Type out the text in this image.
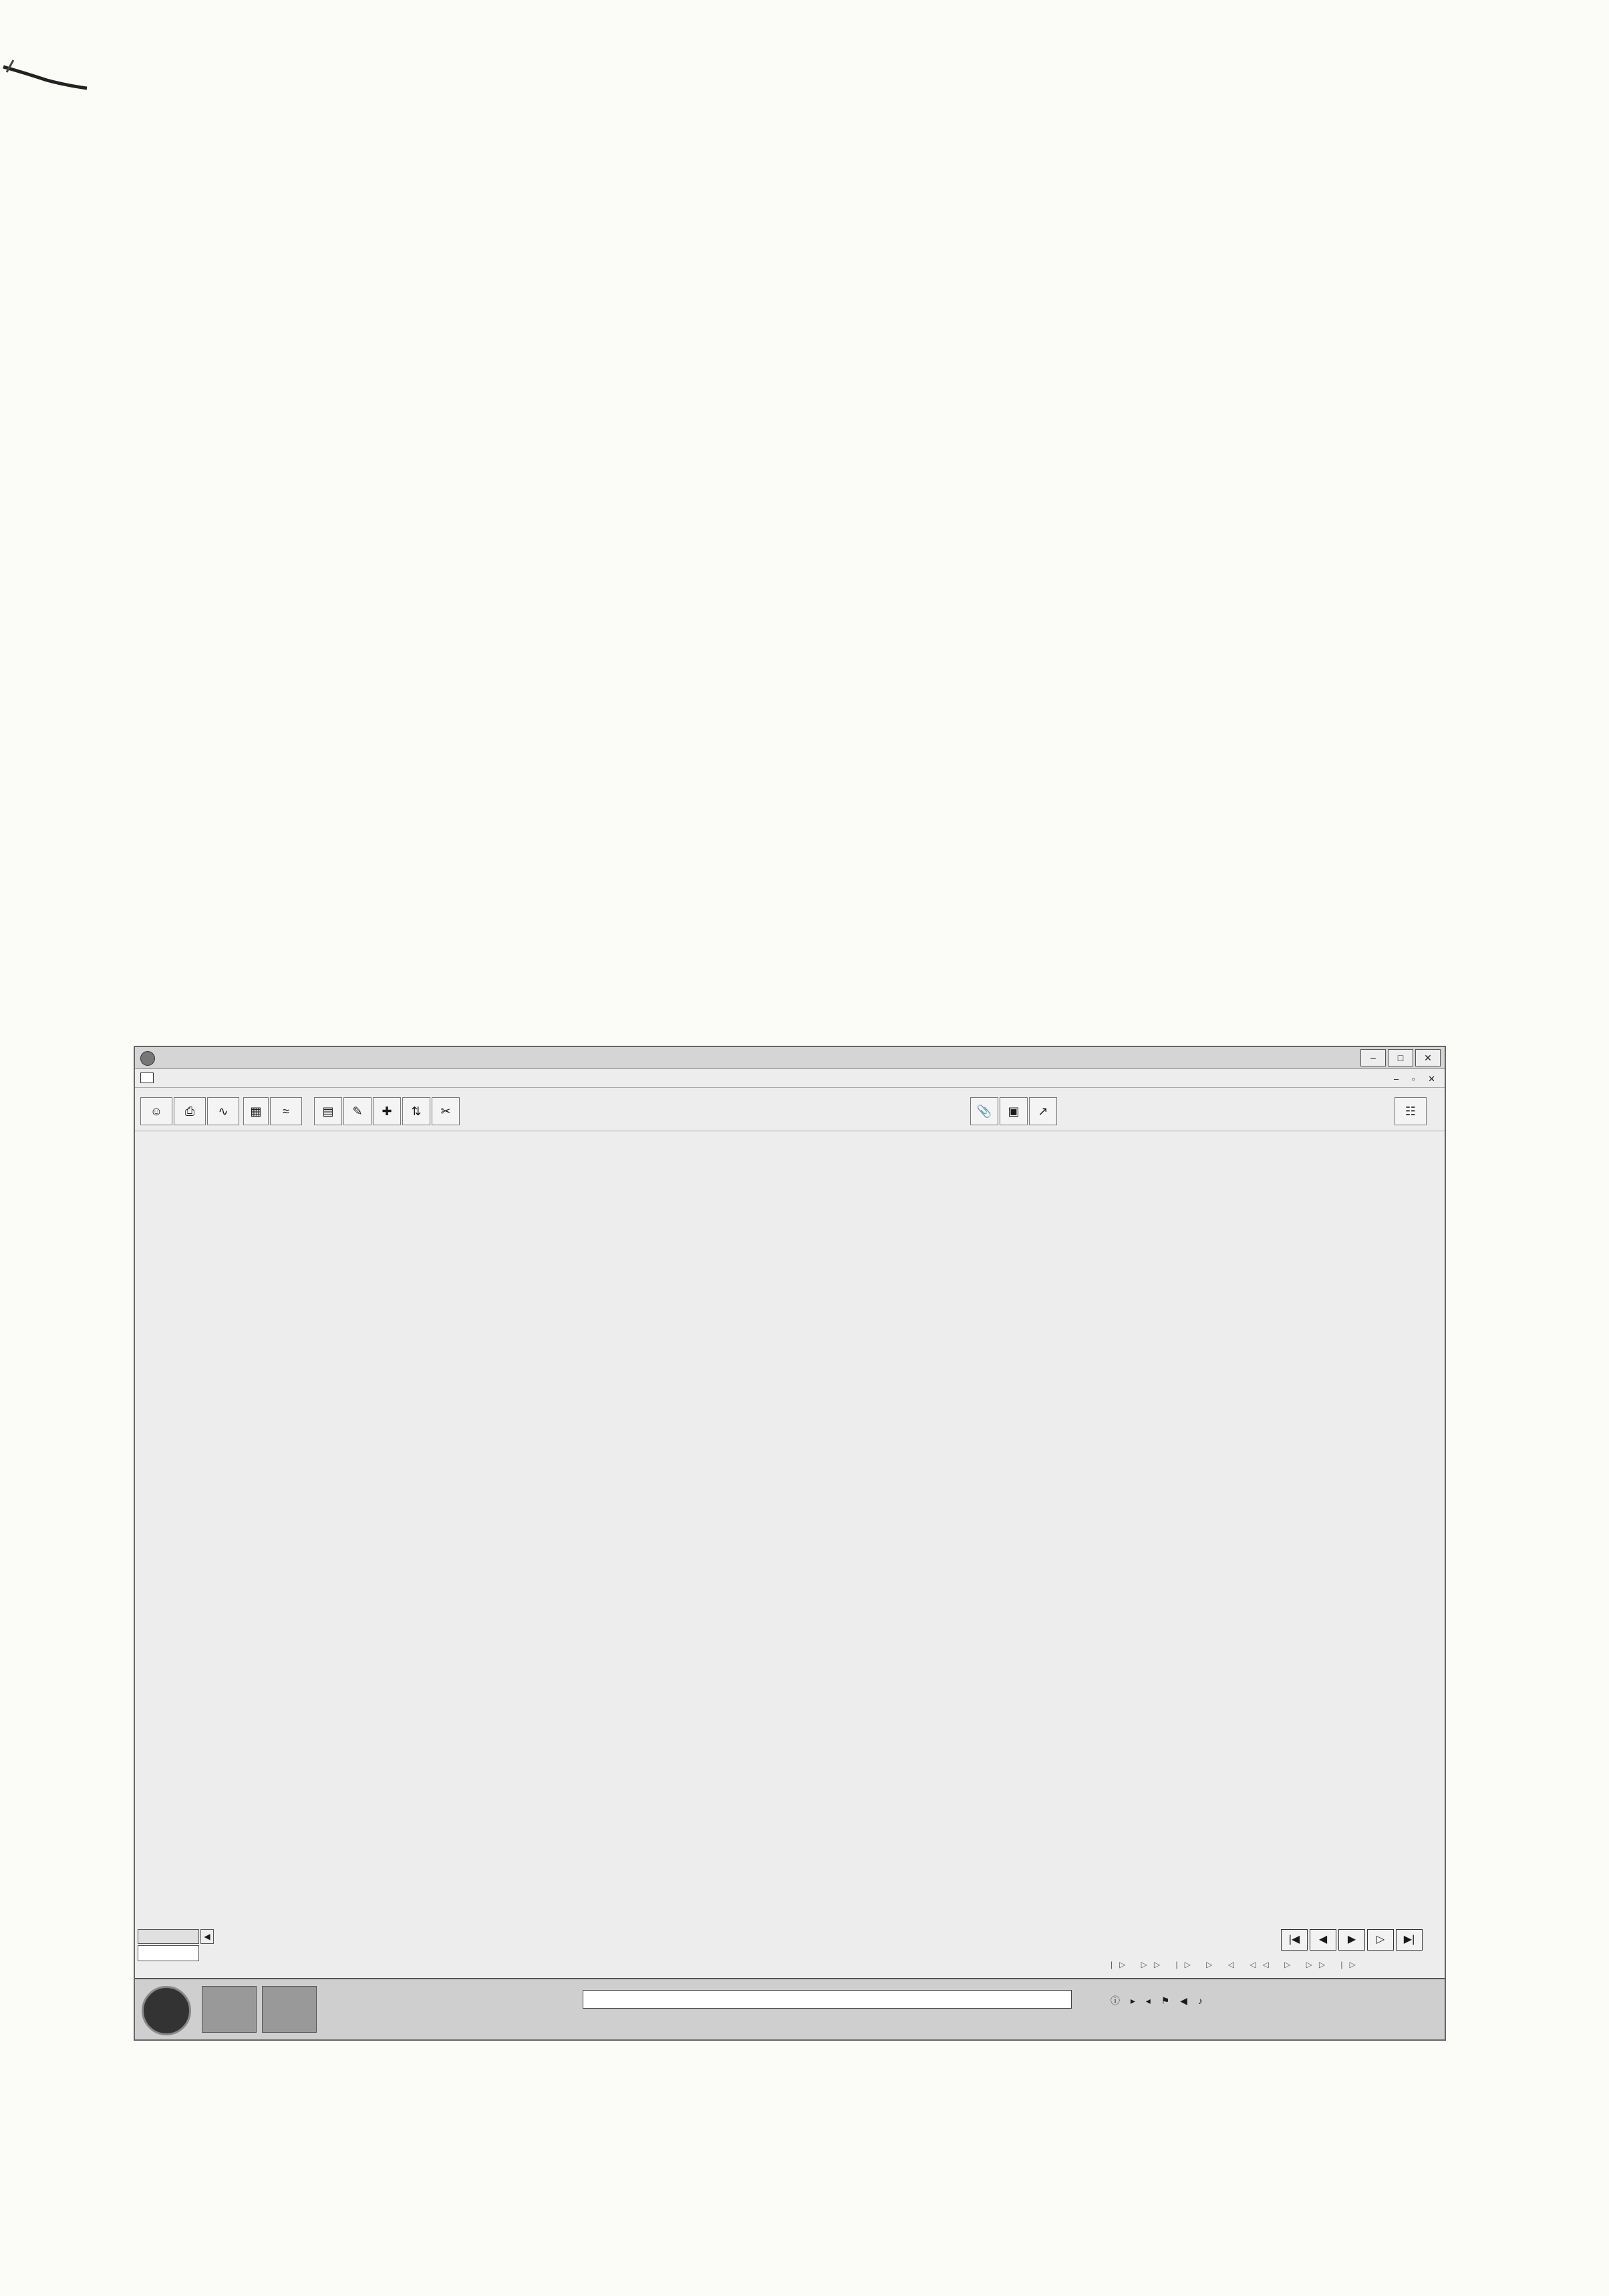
–	□	✕
– ▫ ✕
☺	⎙	∿	▦	≈	▤	✎	✚	⇅	✂	📎	▣	↗	☷
◀	|◀	◀	▶	▷	▶|
|▷ ▷▷ |▷ ▷ ◁ ◁◁ ▷ ▷▷ |▷
ⓘ ▸ ◂ ⚑ ◀ ♪
